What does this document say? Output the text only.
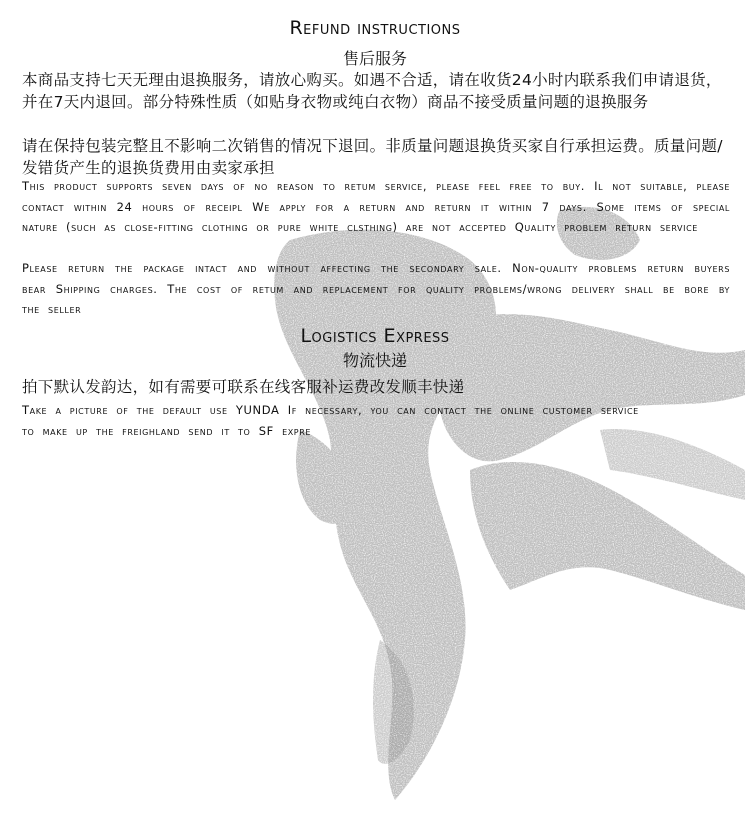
Refund instructions
售后服务

本商品支持七天无理由退换服务，请放心购买。如遇不合适，请在收货24小时内联系我们申请退货，并在7天内退回。部分特殊性质（如贴身衣物或纯白衣物）商品不接受质量问题的退换服务

请在保持包装完整且不影响二次销售的情况下退回。非质量问题退换货买家自行承担运费。质量问题/发错货产生的退换货费用由卖家承担

This product supports seven days of no reason to retum service, please feel free to buy. Il not suitable, please contact within 24 hours of receipl We apply for a return and return it within 7 days. Some items of special nature (such as close-fitting clothing or pure white clsthing) are not accepted Quality problem return service

Please return the package intact and without affecting the secondary sale. Non-quality problems return buyers bear Shipping charges. The cost of retum and replacement for quality problems/wrong delivery shall be bore by the seller

Logistics Express
物流快递

拍下默认发韵达，如有需要可联系在线客服补运费改发顺丰快递

Take a picture of the default use YUNDA If necessary, you can contact the online customer service

to make up the freighland send it to SF expre
